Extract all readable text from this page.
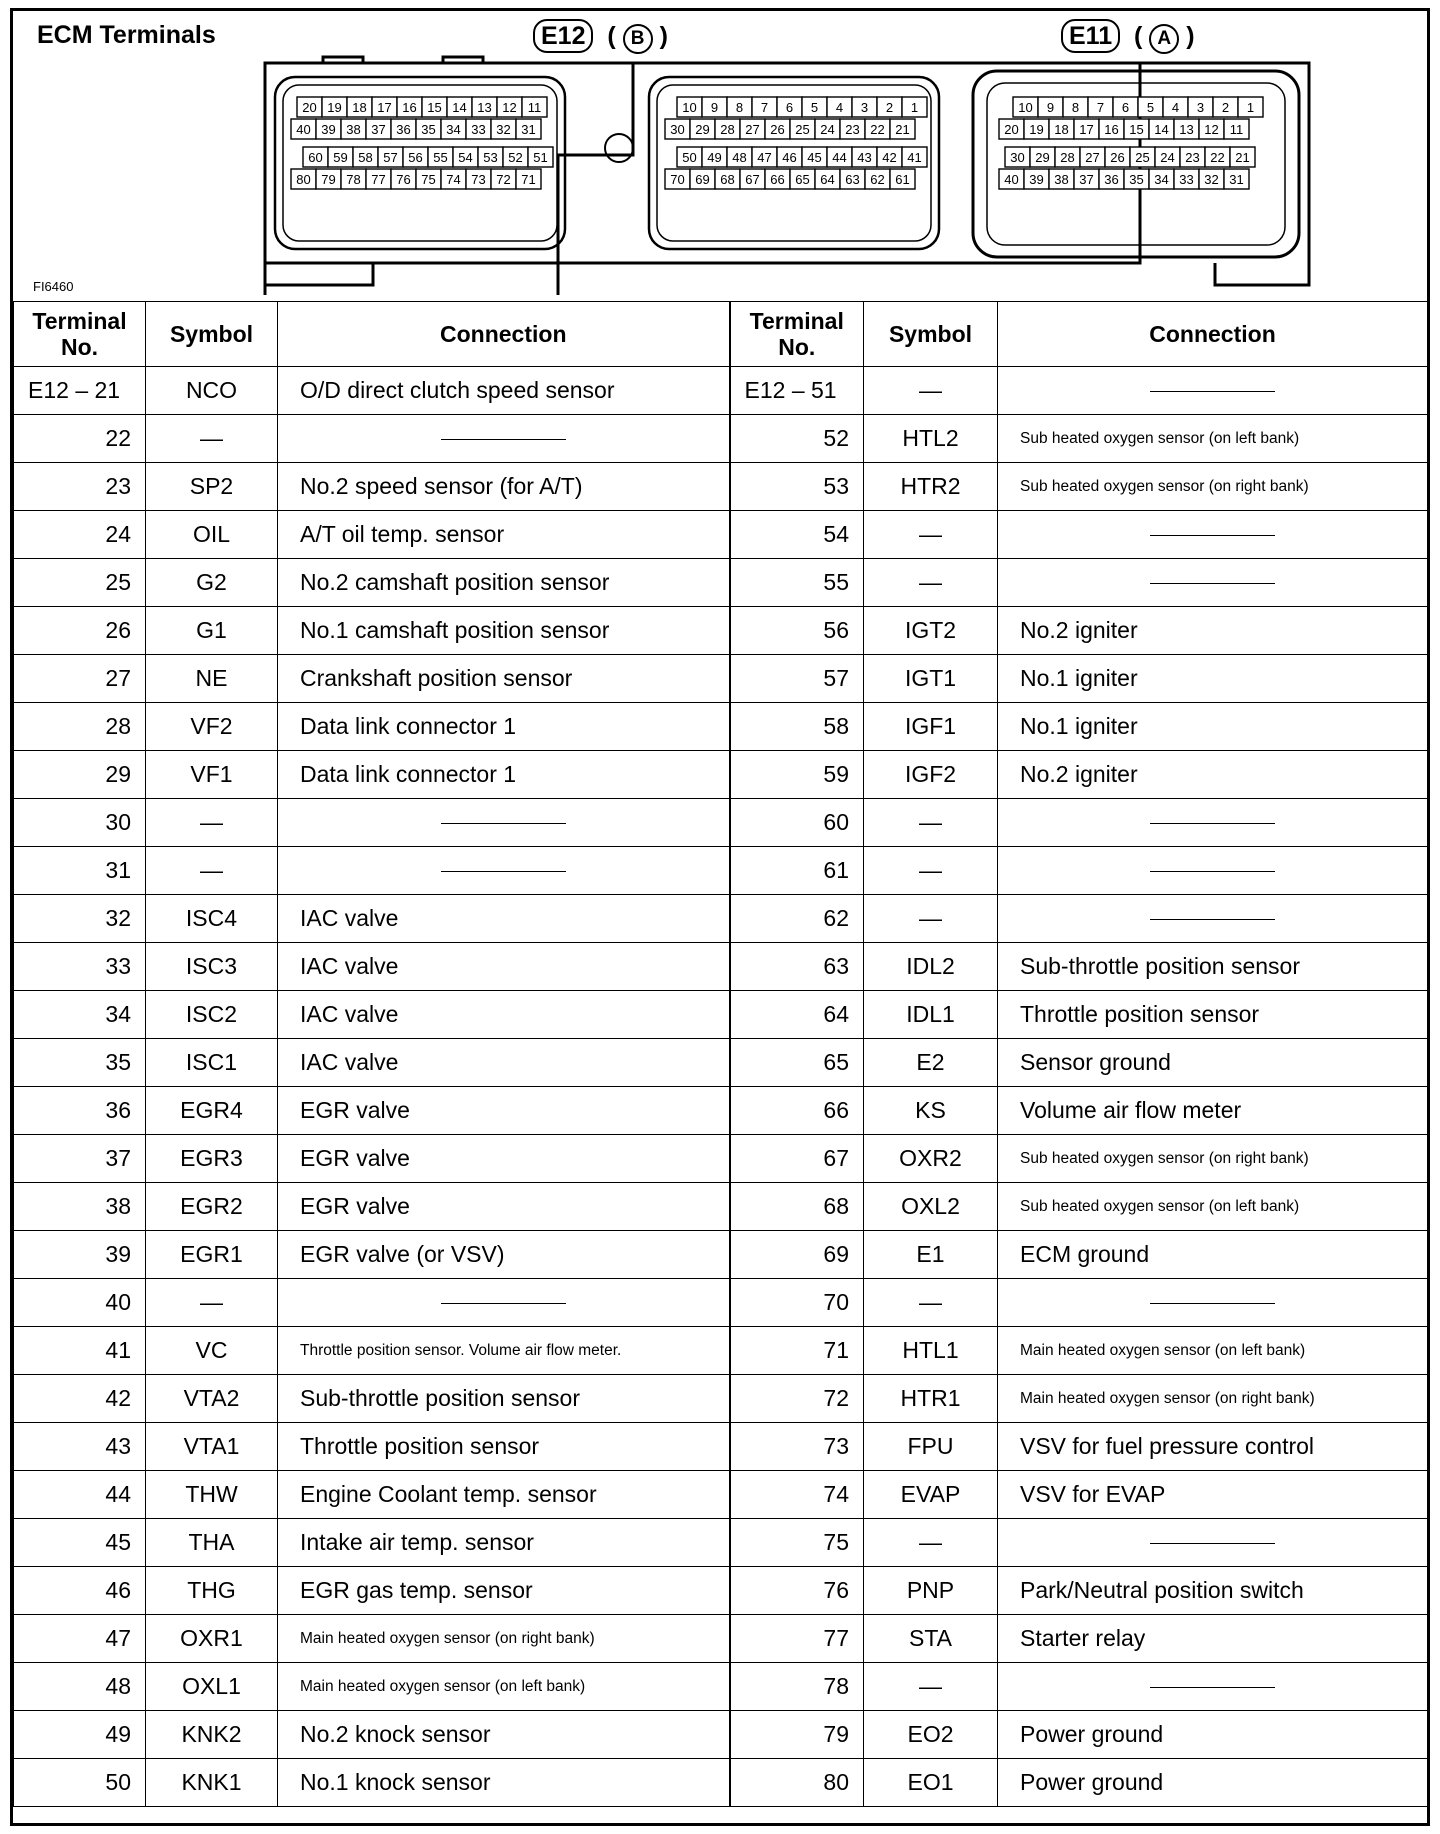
ECM Terminals	E12  ( B )	E11  ( A )
20 19 18 17 16 15 14 13 12 11
40 39 38 37 36 35 34 33 32 31
60 59 58 57 56 55 54 53 52 51
80 79 78 77 76 75 74 73 72 71
10 9 8 7 6 5 4 3 2 1
30 29 28 27 26 25 24 23 22 21
50 49 48 47 46 45 44 43 42 41
70 69 68 67 66 65 64 63 62 61
10 9 8 7 6 5 4 3 2 1
20 19 18 17 16 15 14 13 12 11
30 29 28 27 26 25 24 23 22 21
40 39 38 37 36 35 34 33 32 31
FI6460
Terminal No.	Symbol	Connection	Terminal No.	Symbol	Connection
E12 – 21	NCO	O/D direct clutch speed sensor	E12 – 51	—	
22	—		52	HTL2	Sub heated oxygen sensor (on left bank)
23	SP2	No.2 speed sensor (for A/T)	53	HTR2	Sub heated oxygen sensor (on right bank)
24	OIL	A/T oil temp. sensor	54	—	
25	G2	No.2 camshaft position sensor	55	—	
26	G1	No.1 camshaft position sensor	56	IGT2	No.2 igniter
27	NE	Crankshaft position sensor	57	IGT1	No.1 igniter
28	VF2	Data link connector 1	58	IGF1	No.1 igniter
29	VF1	Data link connector 1	59	IGF2	No.2 igniter
30	—		60	—	
31	—		61	—	
32	ISC4	IAC valve	62	—	
33	ISC3	IAC valve	63	IDL2	Sub-throttle position sensor
34	ISC2	IAC valve	64	IDL1	Throttle position sensor
35	ISC1	IAC valve	65	E2	Sensor ground
36	EGR4	EGR valve	66	KS	Volume air flow meter
37	EGR3	EGR valve	67	OXR2	Sub heated oxygen sensor (on right bank)
38	EGR2	EGR valve	68	OXL2	Sub heated oxygen sensor (on left bank)
39	EGR1	EGR valve (or VSV)	69	E1	ECM ground
40	—		70	—	
41	VC	Throttle position sensor. Volume air flow meter.	71	HTL1	Main heated oxygen sensor (on left bank)
42	VTA2	Sub-throttle position sensor	72	HTR1	Main heated oxygen sensor (on right bank)
43	VTA1	Throttle position sensor	73	FPU	VSV for fuel pressure control
44	THW	Engine Coolant temp. sensor	74	EVAP	VSV for EVAP
45	THA	Intake air temp. sensor	75	—	
46	THG	EGR gas temp. sensor	76	PNP	Park/Neutral position switch
47	OXR1	Main heated oxygen sensor (on right bank)	77	STA	Starter relay
48	OXL1	Main heated oxygen sensor (on left bank)	78	—	
49	KNK2	No.2 knock sensor	79	EO2	Power ground
50	KNK1	No.1 knock sensor	80	EO1	Power ground
